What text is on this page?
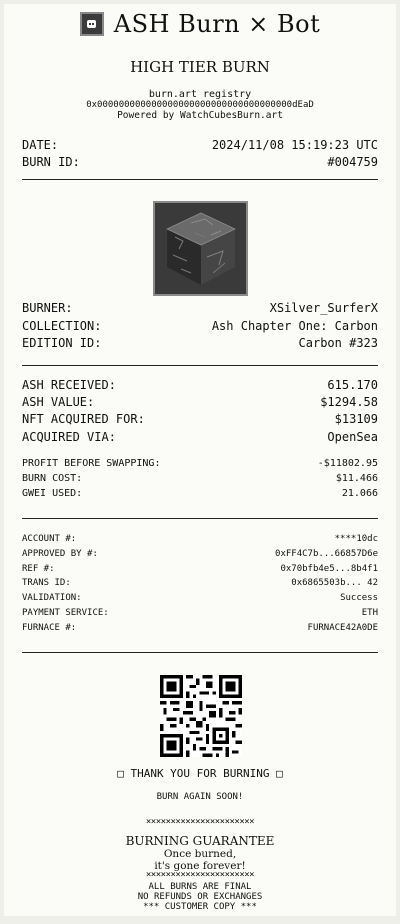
ASH Burn × Bot
HIGH TIER BURN
burn.art registry
0x000000000000000000000000000000000000dEaD
Powered by WatchCubesBurn.art
DATE:	2024/11/08 15:19:23 UTC
BURN ID:	#004759
BURNER:	XSilver_SurferX
COLLECTION:	Ash Chapter One: Carbon
EDITION ID:	Carbon #323
ASH RECEIVED:	615.170
ASH VALUE:	$1294.58
NFT ACQUIRED FOR:	$13109
ACQUIRED VIA:	OpenSea
PROFIT BEFORE SWAPPING:	-$11802.95
BURN COST:	$11.466
GWEI USED:	21.066
ACCOUNT #:	****10dc
APPROVED BY #:	0xFF4C7b...66857D6e
REF #:	0x70bfb4e5...8b4f1
TRANS ID:	0x6865503b... 42
VALIDATION:	Success
PAYMENT SERVICE:	ETH
FURNACE #:	FURNACE42A0DE
□ THANK YOU FOR BURNING □
BURN AGAIN SOON!
××××××××××××××××××××××
BURNING GUARANTEE
Once burned,
it's gone forever!
××××××××××××××××××××××
ALL BURNS ARE FINAL
NO REFUNDS OR EXCHANGES
*** CUSTOMER COPY ***
